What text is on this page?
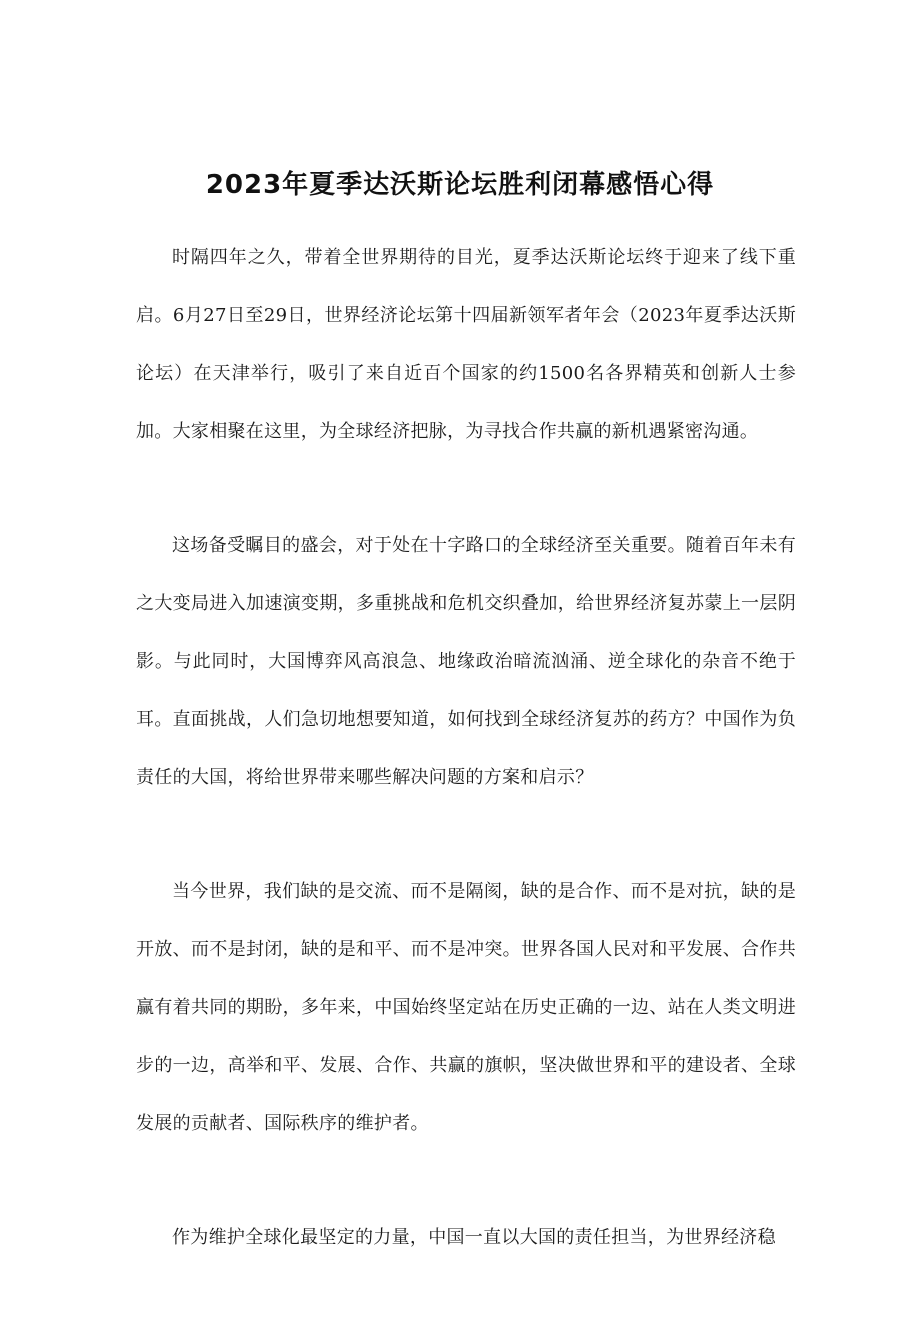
2023年夏季达沃斯论坛胜利闭幕感悟心得

时隔四年之久，带着全世界期待的目光，夏季达沃斯论坛终于迎来了线下重启。6月27日至29日，世界经济论坛第十四届新领军者年会（2023年夏季达沃斯论坛）在天津举行，吸引了来自近百个国家的约1500名各界精英和创新人士参加。大家相聚在这里，为全球经济把脉，为寻找合作共赢的新机遇紧密沟通。

这场备受瞩目的盛会，对于处在十字路口的全球经济至关重要。随着百年未有之大变局进入加速演变期，多重挑战和危机交织叠加，给世界经济复苏蒙上一层阴影。与此同时，大国博弈风高浪急、地缘政治暗流汹涌、逆全球化的杂音不绝于耳。直面挑战，人们急切地想要知道，如何找到全球经济复苏的药方？中国作为负责任的大国，将给世界带来哪些解决问题的方案和启示？

当今世界，我们缺的是交流、而不是隔阂，缺的是合作、而不是对抗，缺的是开放、而不是封闭，缺的是和平、而不是冲突。世界各国人民对和平发展、合作共赢有着共同的期盼，多年来，中国始终坚定站在历史正确的一边、站在人类文明进步的一边，高举和平、发展、合作、共赢的旗帜，坚决做世界和平的建设者、全球发展的贡献者、国际秩序的维护者。

作为维护全球化最坚定的力量，中国一直以大国的责任担当，为世界经济稳
